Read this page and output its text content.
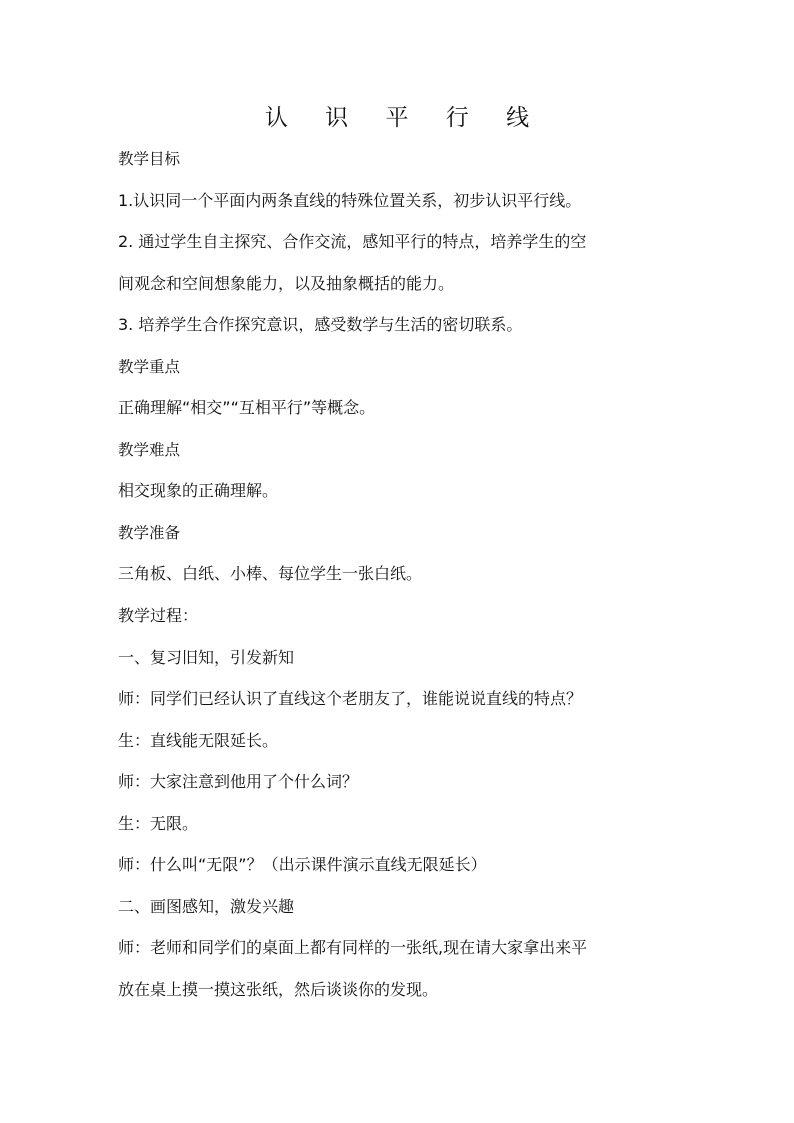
认 识 平 行 线
教学目标
1.认识同一个平面内两条直线的特殊位置关系，初步认识平行线。
2. 通过学生自主探究、合作交流，感知平行的特点，培养学生的空
间观念和空间想象能力，以及抽象概括的能力。
3. 培养学生合作探究意识，感受数学与生活的密切联系。
教学重点
正确理解“相交”“互相平行”等概念。
教学难点
相交现象的正确理解。
教学准备
三角板、白纸、小棒、每位学生一张白纸。
教学过程：
一、复习旧知，引发新知
师：同学们已经认识了直线这个老朋友了，谁能说说直线的特点？
生：直线能无限延长。
师：大家注意到他用了个什么词？
生：无限。
师：什么叫“无限”？（出示课件演示直线无限延长）
二、画图感知，激发兴趣
师：老师和同学们的桌面上都有同样的一张纸,现在请大家拿出来平
放在桌上摸一摸这张纸，然后谈谈你的发现。
